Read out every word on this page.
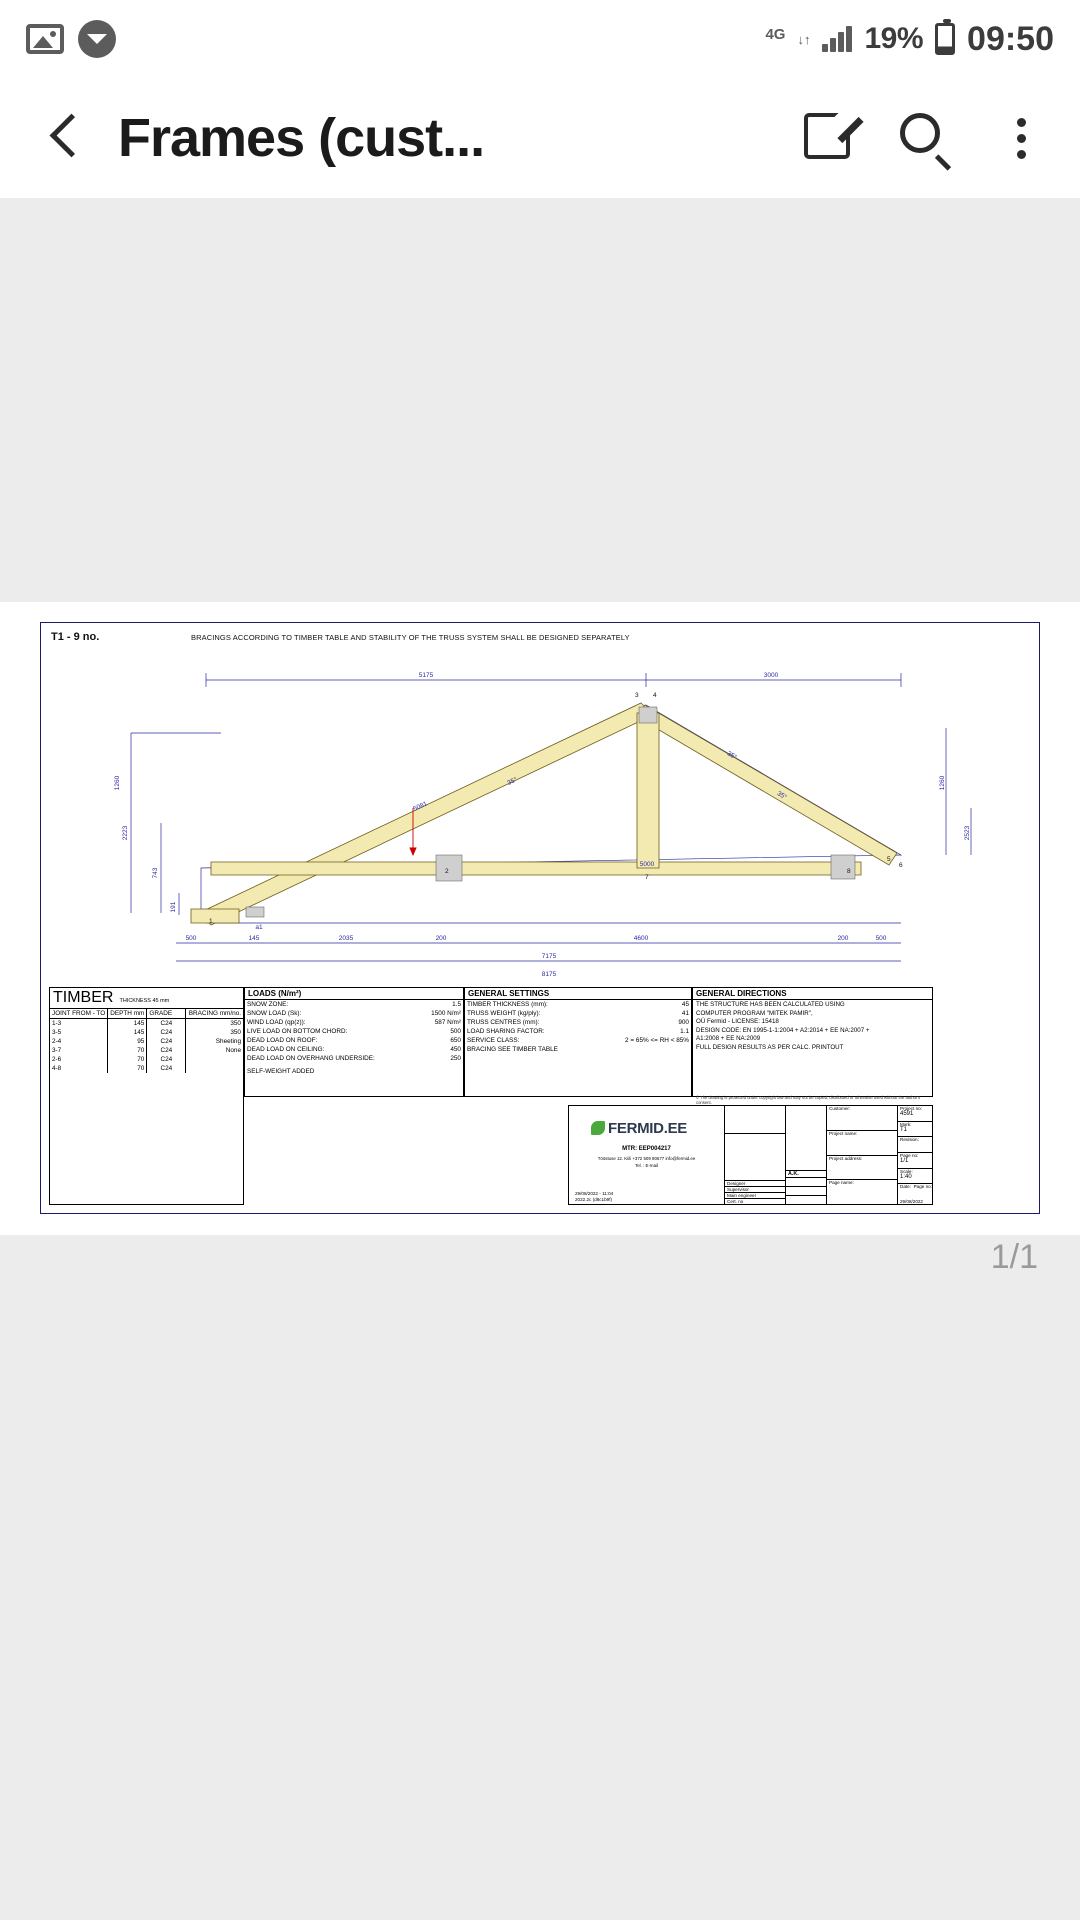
$^{4G}$ ↓↑ 19% 09:50
Frames (cust...
T1 - 9 no.	BRACINGS ACCORDING TO TIMBER TABLE AND STABILITY OF THE TRUSS SYSTEM SHALL BE DESIGNED SEPARATELY
1
2
3 4
5
6
7
8
5175	3000
5000
500	145	2035	200	4600	200	500
7175
8175
5081
35°
35°
35°
a1
2223
743
191
1260	1260
2523
TIMBER THICKNESS 45 mm
JOINT FROM - TO	DEPTH mm	GRADE	BRACING mm/no.
1-3	145	C24	350
3-5	145	C24	350
2-4	95	C24	Sheeting
3-7	70	C24	None
2-6	70	C24	
4-8	70	C24	
LOADS (N/m²)
SNOW ZONE:	1.5
SNOW LOAD (Sk):	1500 N/m²
WIND LOAD (qp(z)):	587 N/m²
LIVE LOAD ON BOTTOM CHORD:	500
DEAD LOAD ON ROOF:	650
DEAD LOAD ON CEILING:	450
DEAD LOAD ON OVERHANG UNDERSIDE:	250
SELF-WEIGHT ADDED	
GENERAL SETTINGS
TIMBER THICKNESS (mm):	45
TRUSS WEIGHT (kg/ply):	41
TRUSS CENTRES (mm):	900
LOAD SHARING FACTOR:	1.1
SERVICE CLASS:	2 = 65% <= RH < 85%
BRACING SEE TIMBER TABLE	
GENERAL DIRECTIONS
THE STRUCTURE HAS BEEN CALCULATED USING
COMPUTER PROGRAM "MITEK PAMIR",
OÜ Fermid - LICENSE: 15418
DESIGN CODE: EN 1995-1-1:2004 + A2:2014 + EE NA:2007 +
A1:2008 + EE NA:2009
FULL DESIGN RESULTS AS PER CALC. PRINTOUT
© The drawing is protected under copyright law and may not be copied, distributed or otherwise used without the author's consent.
FERMID.EE
MTR: EEP004217
Tööstuse 12. Kiili +372 509 80677 info@fermid.ee
Tel. : E-mail
29/08/2022 - 11:04
2022.2c (d8c1b9f)
Designer
Supervisor
Main engineer
Cert. no
A.K.
Customer:
Project name:
Project address:
Page name:
Project no:
4591
Mark:
T1
Revision:
Page no:
1/1
Scale:
1:40
Date: Page no:
29/08/2022
1/1
